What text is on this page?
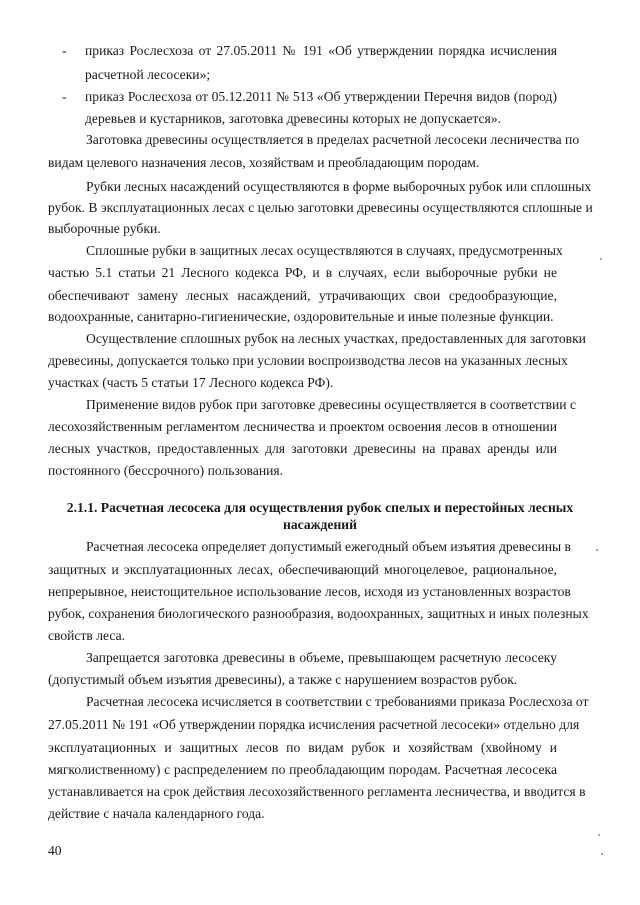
- приказ Рослесхоза от 27.05.2011 № 191 «Об утверждении порядка исчисления
расчетной лесосеки»;
- приказ Рослесхоза от 05.12.2011 № 513 «Об утверждении Перечня видов (пород)
деревьев и кустарников, заготовка древесины которых не допускается».
Заготовка древесины осуществляется в пределах расчетной лесосеки лесничества по
видам целевого назначения лесов, хозяйствам и преобладающим породам.
Рубки лесных насаждений осуществляются в форме выборочных рубок или сплошных
рубок. В эксплуатационных лесах с целью заготовки древесины осуществляются сплошные и
выборочные рубки.
Сплошные рубки в защитных лесах осуществляются в случаях, предусмотренных
частью 5.1 статьи 21 Лесного кодекса РФ, и в случаях, если выборочные рубки не
обеспечивают замену лесных насаждений, утрачивающих свои средообразующие,
водоохранные, санитарно-гигиенические, оздоровительные и иные полезные функции.
Осуществление сплошных рубок на лесных участках, предоставленных для заготовки
древесины, допускается только при условии воспроизводства лесов на указанных лесных
участках (часть 5 статьи 17 Лесного кодекса РФ).
Применение видов рубок при заготовке древесины осуществляется в соответствии с
лесохозяйственным регламентом лесничества и проектом освоения лесов в отношении
лесных участков, предоставленных для заготовки древесины на правах аренды или
постоянного (бессрочного) пользования.
2.1.1. Расчетная лесосека для осуществления рубок спелых и перестойных лесных
насаждений
Расчетная лесосека определяет допустимый ежегодный объем изъятия древесины в
защитных и эксплуатационных лесах, обеспечивающий многоцелевое, рациональное,
непрерывное, неистощительное использование лесов, исходя из установленных возрастов
рубок, сохранения биологического разнообразия, водоохранных, защитных и иных полезных
свойств леса.
Запрещается заготовка древесины в объеме, превышающем расчетную лесосеку
(допустимый объем изъятия древесины), а также с нарушением возрастов рубок.
Расчетная лесосека исчисляется в соответствии с требованиями приказа Рослесхоза от
27.05.2011 № 191 «Об утверждении порядка исчисления расчетной лесосеки» отдельно для
эксплуатационных и защитных лесов по видам рубок и хозяйствам (хвойному и
мягколиственному) с распределением по преобладающим породам. Расчетная лесосека
устанавливается на срок действия лесохозяйственного регламента лесничества, и вводится в
действие с начала календарного года.
40
